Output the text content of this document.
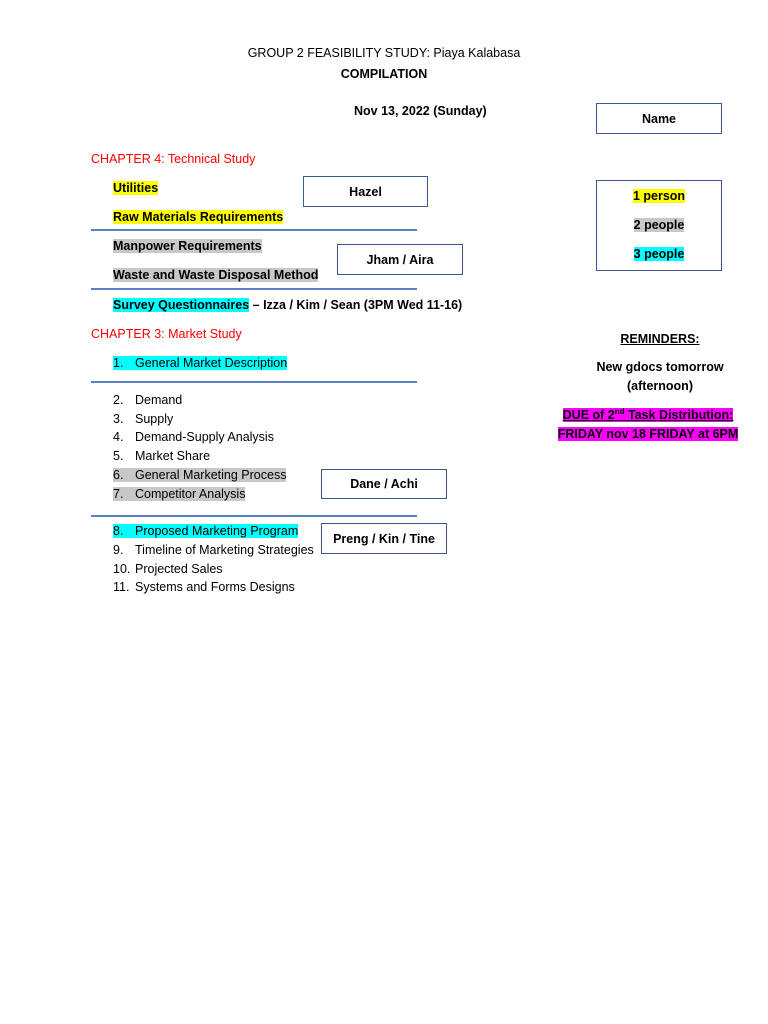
GROUP 2 FEASIBILITY STUDY: Piaya Kalabasa
COMPILATION
Nov 13, 2022 (Sunday)
Name
1 person
2 people
3 people
CHAPTER 4: Technical Study
Utilities
Raw Materials Requirements
Hazel
Manpower Requirements
Waste and Waste Disposal Method
Jham / Aira
Survey Questionnaires – Izza / Kim / Sean (3PM Wed 11-16)
CHAPTER 3: Market Study
1. General Market Description
2. Demand
3. Supply
4. Demand-Supply Analysis
5. Market Share
6. General Marketing Process
7. Competitor Analysis
Dane / Achi
8. Proposed Marketing Program
9. Timeline of Marketing Strategies
10. Projected Sales
11. Systems and Forms Designs
Preng / Kin / Tine
REMINDERS:
New gdocs tomorrow
(afternoon)
DUE of 2nd Task Distribution:
FRIDAY nov 18 FRIDAY at 6PM
